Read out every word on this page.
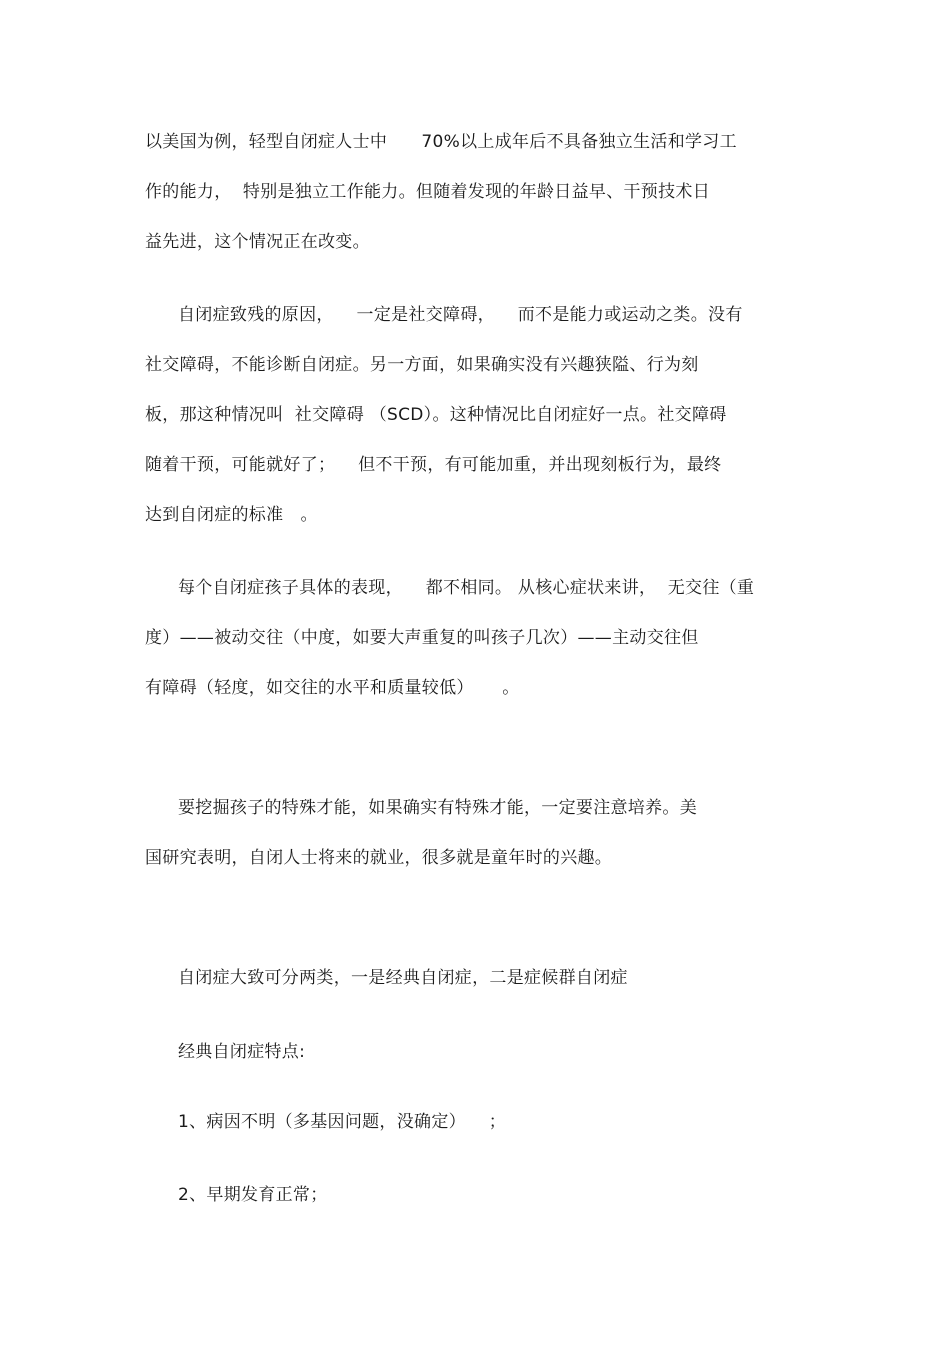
以美国为例，轻型自闭症人士中      70%以上成年后不具备独立生活和学习工
作的能力，  特别是独立工作能力。但随着发现的年龄日益早、干预技术日
益先进，这个情况正在改变。
自闭症致残的原因，    一定是社交障碍，    而不是能力或运动之类。没有
社交障碍，不能诊断自闭症。另一方面，如果确实没有兴趣狭隘、行为刻
板，那这种情况叫  社交障碍 （SCD）。这种情况比自闭症好一点。社交障碍
随着干预，可能就好了；    但不干预，有可能加重，并出现刻板行为，最终
达到自闭症的标准   。
每个自闭症孩子具体的表现，    都不相同。 从核心症状来讲，  无交往（重
度）——被动交往（中度，如要大声重复的叫孩子几次）——主动交往但
有障碍（轻度，如交往的水平和质量较低）     。
要挖掘孩子的特殊才能，如果确实有特殊才能，一定要注意培养。美
国研究表明，自闭人士将来的就业，很多就是童年时的兴趣。
自闭症大致可分两类，一是经典自闭症，二是症候群自闭症
经典自闭症特点:
1、病因不明（多基因问题，没确定）    ；
2、早期发育正常；
